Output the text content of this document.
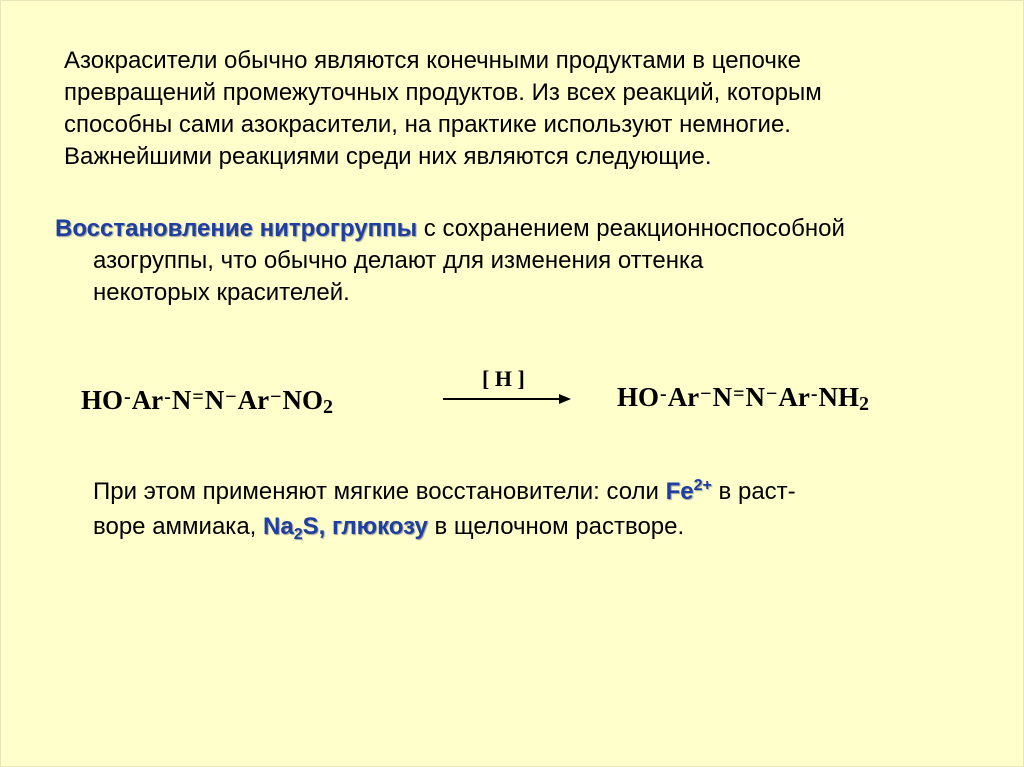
Азокрасители обычно являются конечными продуктами в цепочке
превращений промежуточных продуктов. Из всех реакций, которым
способны сами азокрасители, на практике используют немногие.
Важнейшими реакциями среди них являются следующие.

Восстановление нитрогруппы с сохранением реакционноспособной
азогруппы, что обычно делают для изменения оттенка
некоторых красителей.

$HO^-Ar^-N^=N^-Ar^-NO_2$
[ H ]
$HO^-Ar^-N^=N^-Ar^-NH_2$

При этом применяют мягкие восстановители: соли $Fe^{2+}$ в раст-
воре аммиака, $Na_2S$, глюкозу в щелочном растворе.
